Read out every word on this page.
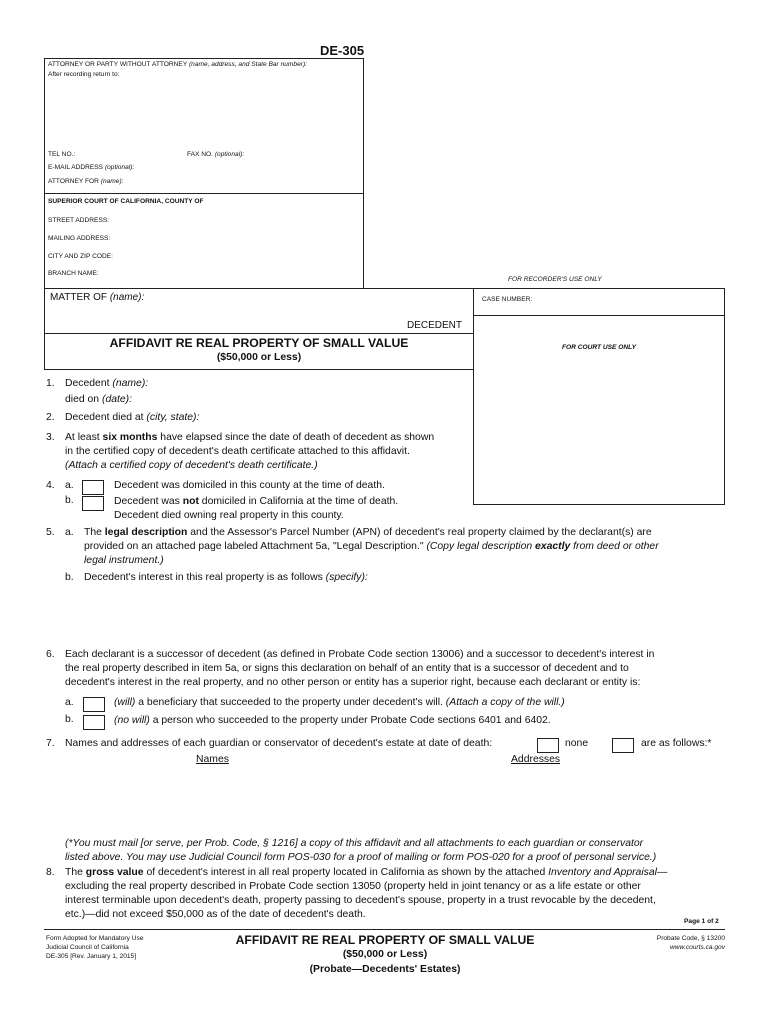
DE-305
ATTORNEY OR PARTY WITHOUT ATTORNEY (name, address, and State Bar number):
After recording return to:
TEL NO.:	FAX NO. (optional):
E-MAIL ADDRESS (optional):
ATTORNEY FOR (name):
SUPERIOR COURT OF CALIFORNIA, COUNTY OF
STREET ADDRESS:
MAILING ADDRESS:
CITY AND ZIP CODE:
BRANCH NAME:
FOR RECORDER'S USE ONLY
MATTER OF (name):	CASE NUMBER:
DECEDENT
AFFIDAVIT RE REAL PROPERTY OF SMALL VALUE
($50,000 or Less)
FOR COURT USE ONLY
1. Decedent (name):
died on (date):
2. Decedent died at (city, state):
3. At least six months have elapsed since the date of death of decedent as shown
in the certified copy of decedent's death certificate attached to this affidavit.
(Attach a certified copy of decedent's death certificate.)
4. a.	Decedent was domiciled in this county at the time of death.
b.	Decedent was not domiciled in California at the time of death.
Decedent died owning real property in this county.
5. a. The legal description and the Assessor's Parcel Number (APN) of decedent's real property claimed by the declarant(s) are
provided on an attached page labeled Attachment 5a, "Legal Description." (Copy legal description exactly from deed or other
legal instrument.)
b. Decedent's interest in this real property is as follows (specify):
6. Each declarant is a successor of decedent (as defined in Probate Code section 13006) and a successor to decedent's interest in
the real property described in item 5a, or signs this declaration on behalf of an entity that is a successor of decedent and to
decedent's interest in the real property, and no other person or entity has a superior right, because each declarant or entity is:
a.	(will) a beneficiary that succeeded to the property under decedent's will. (Attach a copy of the will.)
b.	(no will) a person who succeeded to the property under Probate Code sections 6401 and 6402.
7. Names and addresses of each guardian or conservator of decedent's estate at date of death:	none	are as follows:*
Names	Addresses
(*You must mail [or serve, per Prob. Code, § 1216] a copy of this affidavit and all attachments to each guardian or conservator
listed above. You may use Judicial Council form POS-030 for a proof of mailing or form POS-020 for a proof of personal service.)
8. The gross value of decedent's interest in all real property located in California as shown by the attached Inventory and Appraisal—
excluding the real property described in Probate Code section 13050 (property held in joint tenancy or as a life estate or other
interest terminable upon decedent's death, property passing to decedent's spouse, property in a trust revocable by the decedent,
etc.)—did not exceed $50,000 as of the date of decedent's death.
Page 1 of 2
Form Adopted for Mandatory Use
Judicial Council of California
DE-305 [Rev. January 1, 2015]
AFFIDAVIT RE REAL PROPERTY OF SMALL VALUE
($50,000 or Less)
(Probate—Decedents' Estates)
Probate Code, § 13200
www.courts.ca.gov
